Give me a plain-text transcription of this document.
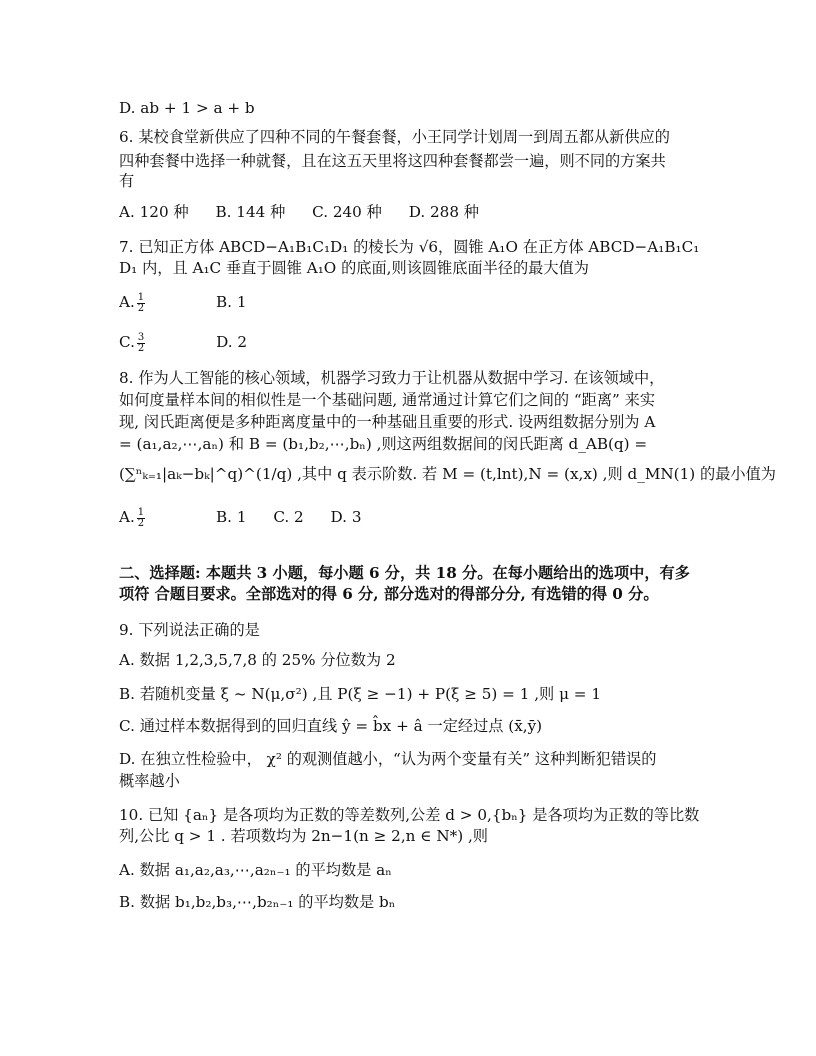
D. ab + 1 > a + b
6. 某校食堂新供应了四种不同的午餐套餐，小王同学计划周一到周五都从新供应的
四种套餐中选择一种就餐，且在这五天里将这四种套餐都尝一遍，则不同的方案共
有
A. 120 种 B. 144 种 C. 240 种 D. 288 种
7. 已知正方体 ABCD−A₁B₁C₁D₁ 的棱长为 √6，圆锥 A₁O 在正方体 ABCD−A₁B₁C₁
D₁ 内，且 A₁C 垂直于圆锥 A₁O 的底面,则该圆锥底面半径的最大值为
A. $\frac{1}{2}$	B. 1
C. $\frac{3}{2}$	D. 2
8. 作为人工智能的核心领域，机器学习致力于让机器从数据中学习. 在该领域中，
如何度量样本间的相似性是一个基础问题, 通常通过计算它们之间的 “距离” 来实
现, 闵氏距离便是多种距离度量中的一种基础且重要的形式. 设两组数据分别为 A
= (a₁,a₂,⋯,aₙ) 和 B = (b₁,b₂,⋯,bₙ) ,则这两组数据间的闵氏距离 d_AB(q) =
(∑ⁿₖ₌₁|aₖ−bₖ|^q)^(1/q) ,其中 q 表示阶数. 若 M = (t,lnt),N = (x,x) ,则 d_MN(1) 的最小值为
A. $\frac{1}{2}$	B. 1 C. 2 D. 3
二、选择题: 本题共 3 小题，每小题 6 分，共 18 分。在每小题给出的选项中，有多
项符 合题目要求。全部选对的得 6 分, 部分选对的得部分分, 有选错的得 0 分。
9. 下列说法正确的是
A. 数据 1,2,3,5,7,8 的 25% 分位数为 2
B. 若随机变量 ξ ~ N(μ,σ²) ,且 P(ξ ≥ −1) + P(ξ ≥ 5) = 1 ,则 μ = 1
C. 通过样本数据得到的回归直线 ŷ = b̂x + â 一定经过点 (x̄,ȳ)
D. 在独立性检验中， χ² 的观测值越小，“认为两个变量有关” 这种判断犯错误的
概率越小
10. 已知 {aₙ} 是各项均为正数的等差数列,公差 d > 0,{bₙ} 是各项均为正数的等比数
列,公比 q > 1 . 若项数均为 2n−1(n ≥ 2,n ∈ N*) ,则
A. 数据 a₁,a₂,a₃,⋯,a₂ₙ₋₁ 的平均数是 aₙ
B. 数据 b₁,b₂,b₃,⋯,b₂ₙ₋₁ 的平均数是 bₙ
